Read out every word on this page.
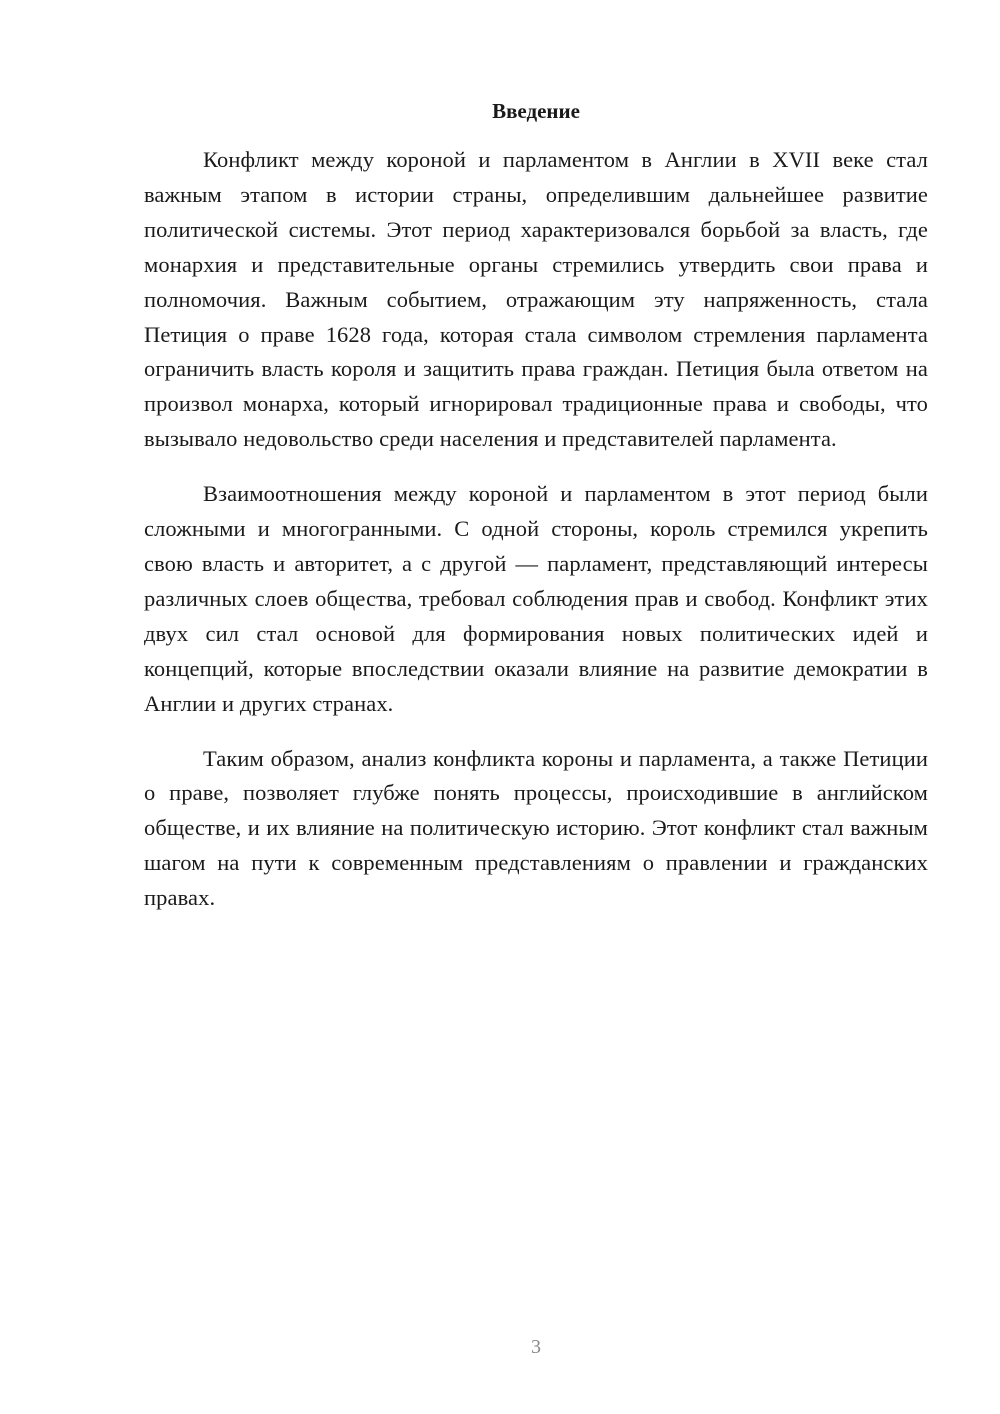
Введение

Конфликт между короной и парламентом в Англии в XVII веке стал важным этапом в истории страны, определившим дальнейшее развитие политической системы. Этот период характеризовался борьбой за власть, где монархия и представительные органы стремились утвердить свои права и полномочия. Важным событием, отражающим эту напряженность, стала Петиция о праве 1628 года, которая стала символом стремления парламента ограничить власть короля и защитить права граждан. Петиция была ответом на произвол монарха, который игнорировал традиционные права и свободы, что вызывало недовольство среди населения и представителей парламента.

Взаимоотношения между короной и парламентом в этот период были сложными и многогранными. С одной стороны, король стремился укрепить свою власть и авторитет, а с другой — парламент, представляющий интересы различных слоев общества, требовал соблюдения прав и свобод. Конфликт этих двух сил стал основой для формирования новых политических идей и концепций, которые впоследствии оказали влияние на развитие демократии в Англии и других странах.

Таким образом, анализ конфликта короны и парламента, а также Петиции о праве, позволяет глубже понять процессы, происходившие в английском обществе, и их влияние на политическую историю. Этот конфликт стал важным шагом на пути к современным представлениям о правлении и гражданских правах.

3
